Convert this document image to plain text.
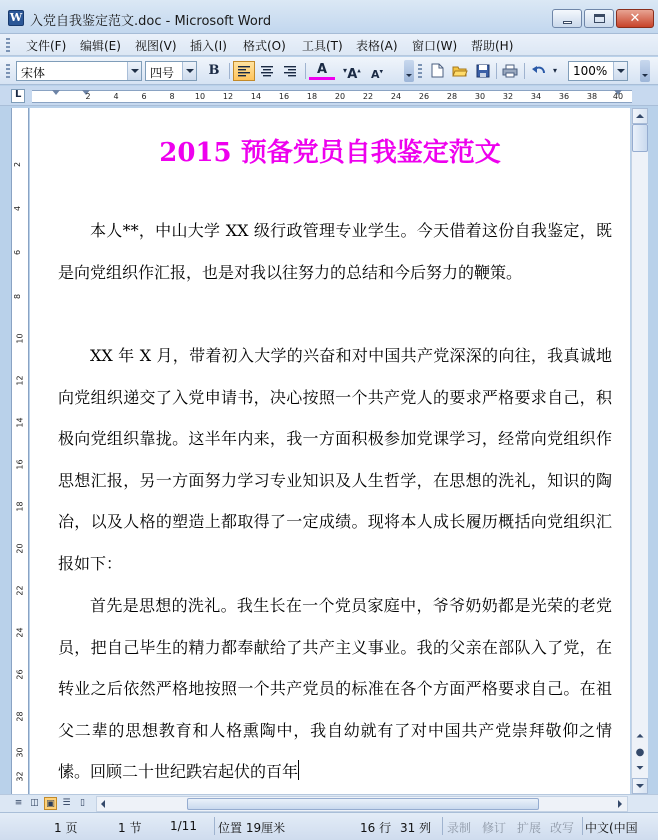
W 入党自我鉴定范文.doc - Microsoft Word	✕
文件(F) 编辑(E) 视图(V) 插入(I) 格式(O) 工具(T) 表格(A) 窗口(W) 帮助(H)
宋体	四号	B	A	▾ A▴ A▾	▾	100%
L
2	4	6	8	10 12 14 16 18 20 22 24 26 28 30 32 34 36 38 40
2
4
6
8
10
12
14
16
18
20
22
24
26
28
30
32
2015 预备党员自我鉴定范文

本人**，中山大学 XX 级行政管理专业学生。今天借着这份自我鉴定，既是向党组织作汇报，也是对我以往努力的总结和今后努力的鞭策。

XX 年 X 月，带着初入大学的兴奋和对中国共产党深深的向往，我真诚地向党组织递交了入党申请书，决心按照一个共产党人的要求严格要求自己，积极向党组织靠拢。这半年内来，我一方面积极参加党课学习，经常向党组织作思想汇报，另一方面努力学习专业知识及人生哲学，在思想的洗礼，知识的陶冶，以及人格的塑造上都取得了一定成绩。现将本人成长履历概括向党组织汇报如下：

首先是思想的洗礼。我生长在一个党员家庭中，爷爷奶奶都是光荣的老党员，把自己毕生的精力都奉献给了共产主义事业。我的父亲在部队入了党，在转业之后依然严格地按照一个共产党员的标准在各个方面严格要求自己。在祖父二辈的思想教育和人格熏陶中，我自幼就有了对中国共产党崇拜敬仰之情愫。回顾二十世纪跌宕起伏的百年

⏶
●
⏷
≡ ◫ ▣ ☰	▯
1 页	1 节 1/11 位置 19厘米	16 行 31 列 录制 修订 扩展 改写 中文(中国
